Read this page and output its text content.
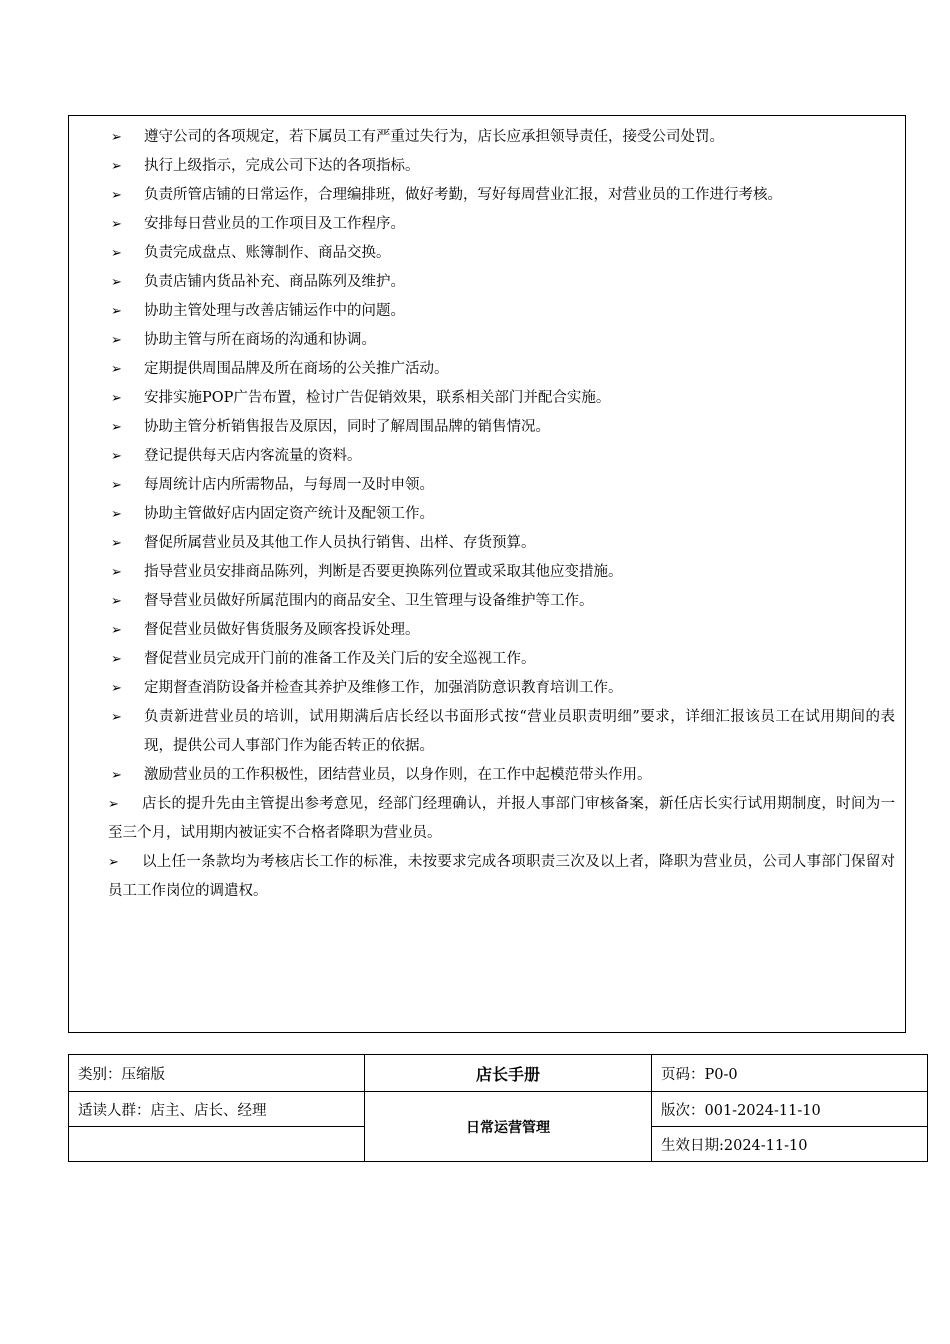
➢ 遵守公司的各项规定，若下属员工有严重过失行为，店长应承担领导责任，接受公司处罚。
➢ 执行上级指示，完成公司下达的各项指标。
➢ 负责所管店铺的日常运作，合理编排班，做好考勤，写好每周营业汇报，对营业员的工作进行考核。
➢ 安排每日营业员的工作项目及工作程序。
➢ 负责完成盘点、账簿制作、商品交换。
➢ 负责店铺内货品补充、商品陈列及维护。
➢ 协助主管处理与改善店铺运作中的问题。
➢ 协助主管与所在商场的沟通和协调。
➢ 定期提供周围品牌及所在商场的公关推广活动。
➢ 安排实施POP广告布置，检讨广告促销效果，联系相关部门并配合实施。
➢ 协助主管分析销售报告及原因，同时了解周围品牌的销售情况。
➢ 登记提供每天店内客流量的资料。
➢ 每周统计店内所需物品，与每周一及时申领。
➢ 协助主管做好店内固定资产统计及配领工作。
➢ 督促所属营业员及其他工作人员执行销售、出样、存货预算。
➢ 指导营业员安排商品陈列，判断是否要更换陈列位置或采取其他应变措施。
➢ 督导营业员做好所属范围内的商品安全、卫生管理与设备维护等工作。
➢ 督促营业员做好售货服务及顾客投诉处理。
➢ 督促营业员完成开门前的准备工作及关门后的安全巡视工作。
➢ 定期督查消防设备并检查其养护及维修工作，加强消防意识教育培训工作。
➢ 负责新进营业员的培训，试用期满后店长经以书面形式按“营业员职责明细”要求，详细汇报该员工在试用期间的表现，提供公司人事部门作为能否转正的依据。
➢ 激励营业员的工作积极性，团结营业员，以身作则，在工作中起模范带头作用。
➢ 店长的提升先由主管提出参考意见，经部门经理确认，并报人事部门审核备案，新任店长实行试用期制度，时间为一至三个月，试用期内被证实不合格者降职为营业员。
➢ 以上任一条款均为考核店长工作的标准，未按要求完成各项职责三次及以上者，降职为营业员，公司人事部门保留对员工工作岗位的调遣权。
类别：压缩版	店长手册	页码：P0-0
适读人群：店主、店长、经理	日常运营管理	版次：001-2024-11-10
		生效日期:2024-11-10
